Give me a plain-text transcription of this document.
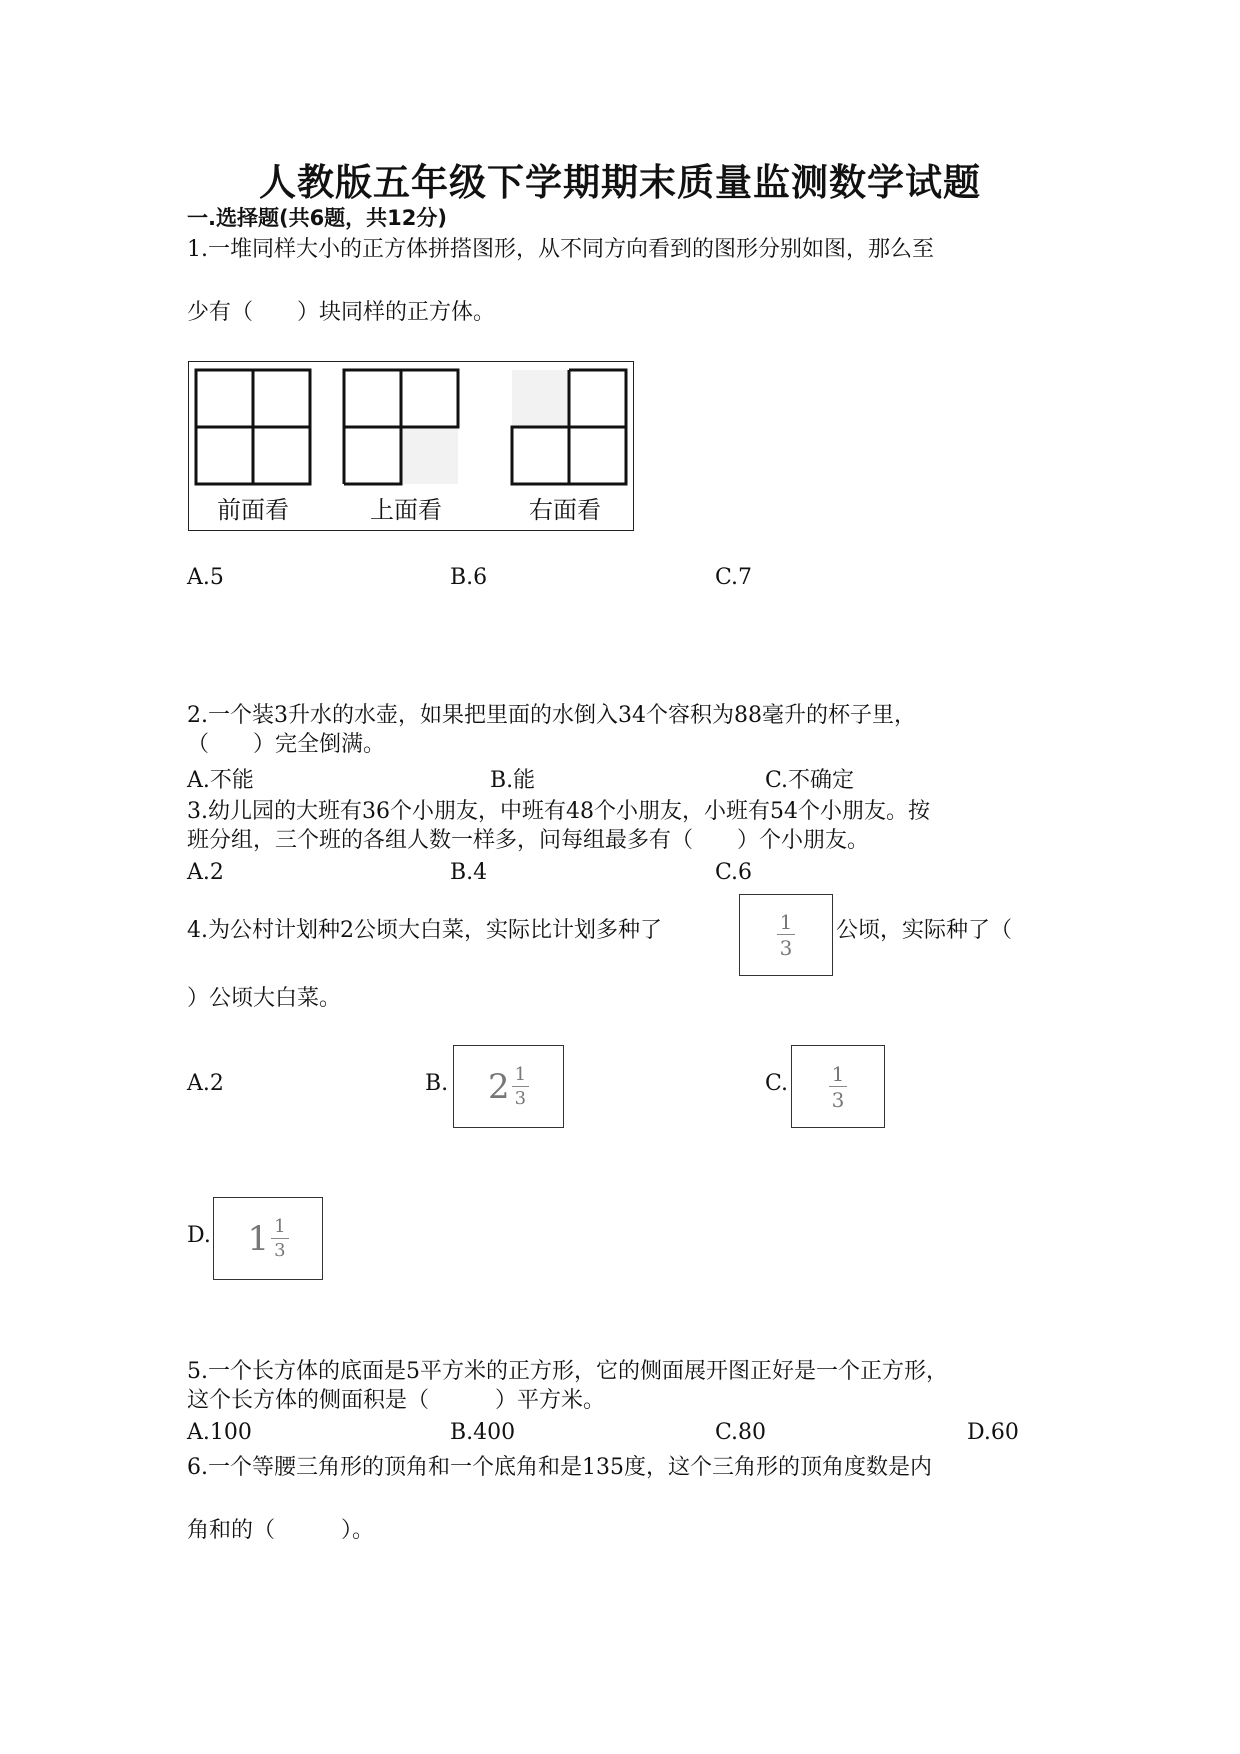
人教版五年级下学期期末质量监测数学试题
一.选择题(共6题，共12分)
1.一堆同样大小的正方体拼搭图形，从不同方向看到的图形分别如图，那么至
少有（　　）块同样的正方体。
前面看	上面看	右面看
A.5	B.6	C.7
2.一个装3升水的水壶，如果把里面的水倒入34个容积为88毫升的杯子里，
（　　）完全倒满。
A.不能	B.能	C.不确定
3.幼儿园的大班有36个小朋友，中班有48个小朋友，小班有54个小朋友。按
班分组，三个班的各组人数一样多，问每组最多有（　　）个小朋友。
A.2	B.4	C.6
4.为公村计划种2公顷大白菜，实际比计划多种了	$\frac{1}{3}$ 公顷，实际种了（
）公顷大白菜。
A.2	B. $2 \frac{1}{3}$	C. $\frac{1}{3}$
D. $1 \frac{1}{3}$
5.一个长方体的底面是5平方米的正方形，它的侧面展开图正好是一个正方形，
这个长方体的侧面积是（　　　）平方米。
A.100	B.400	C.80	D.60
6.一个等腰三角形的顶角和一个底角和是135度，这个三角形的顶角度数是内
角和的（　　　）。
